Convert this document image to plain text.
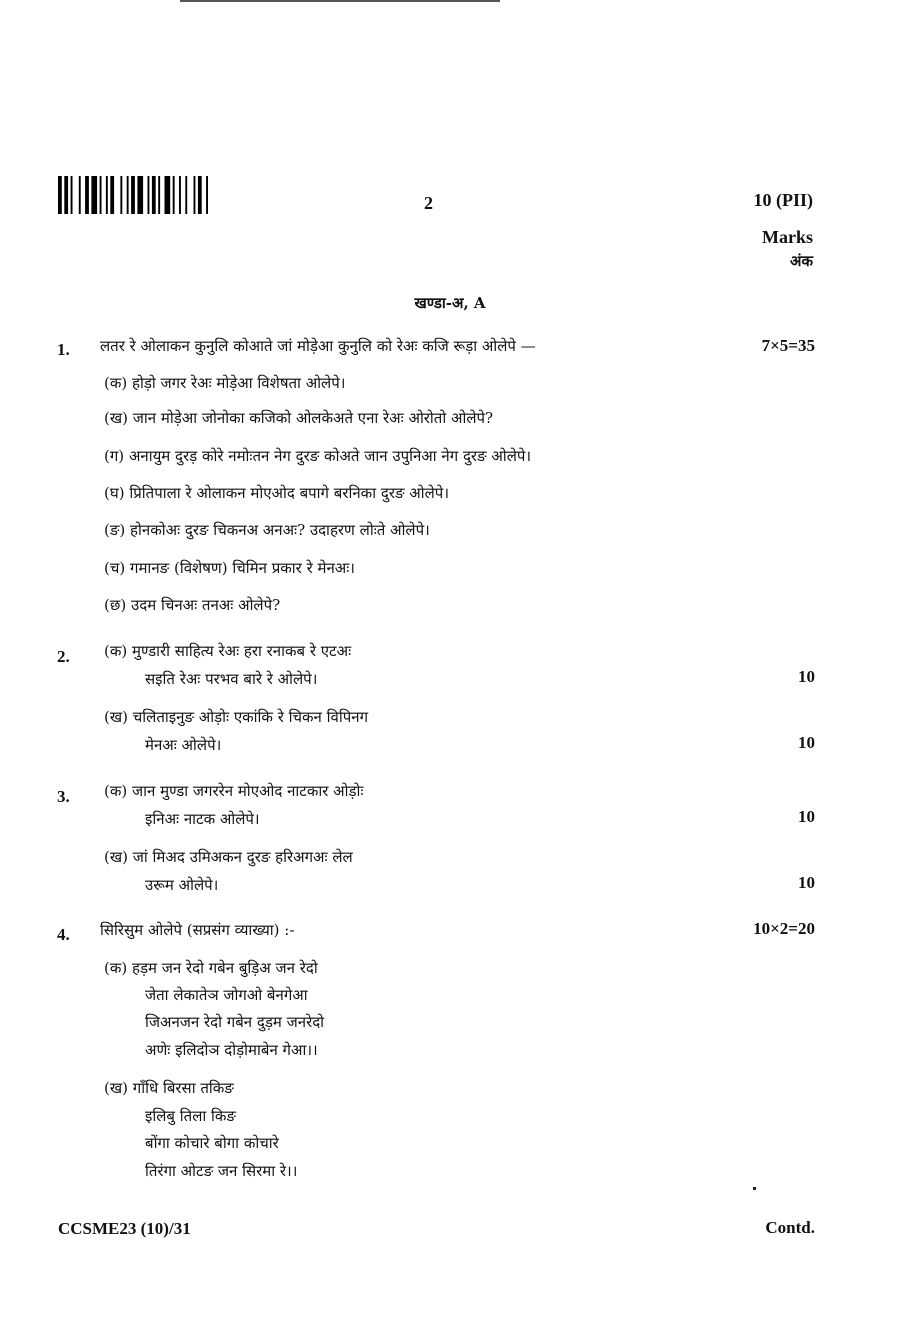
2	10 (PII)
Marks
अंक
खण्डा-अ, A
1. लतर रे ओलाकन कुनुलि कोआते जां मोड़ेआ कुनुलि को रेअः कजि रूड़ा ओलेपे —	7×5=35
(क) होड़ो जगर रेअः मोड़ेआ विशेषता ओलेपे।
(ख) जान मोड़ेआ जोनोका कजिको ओलकेअते एना रेअः ओरोतो ओलेपे?
(ग) अनायुम दुरड़ कोरे नमोःतन नेग दुरङ कोअते जान उपुनिआ नेग दुरङ ओलेपे।
(घ) प्रितिपाला रे ओलाकन मोएओद बपागे बरनिका दुरङ ओलेपे।
(ङ) होनकोअः दुरङ चिकनअ अनअः? उदाहरण लोःते ओलेपे।
(च) गमानङ (विशेषण) चिमिन प्रकार रे मेनअः।
(छ) उदम चिनअः तनअः ओलेपे?
2. (क) मुण्डारी साहित्य रेअः हरा रनाकब रे एटअः
सइति रेअः परभव बारे रे ओलेपे।	10
(ख) चलिताइनुङ ओड़ोः एकांकि रे चिकन विपिनग
मेनअः ओलेपे।	10
3. (क) जान मुण्डा जगररेन मोएओद नाटकार ओड़ोः
इनिअः नाटक ओलेपे।	10
(ख) जां मिअद उमिअकन दुरङ हरिअगअः लेल
उरूम ओलेपे।	10
4. सिरिसुम ओलेपे (सप्रसंग व्याख्या) :-	10×2=20
(क) हड़म जन रेदो गबेन बुड़िअ जन रेदो
जेता लेकातेञ जोगओ बेनगेआ
जिअनजन रेदो गबेन दुड़म जनरेदो
अणेः इलिदोञ दोड़ोमाबेन गेआ।।
(ख) गाँधि बिरसा तकिङ
इलिबु तिला किङ
बोंगा कोचारे बोगा कोचारे
तिरंगा ओटङ जन सिरमा रे।।
CCSME23 (10)/31	Contd.
